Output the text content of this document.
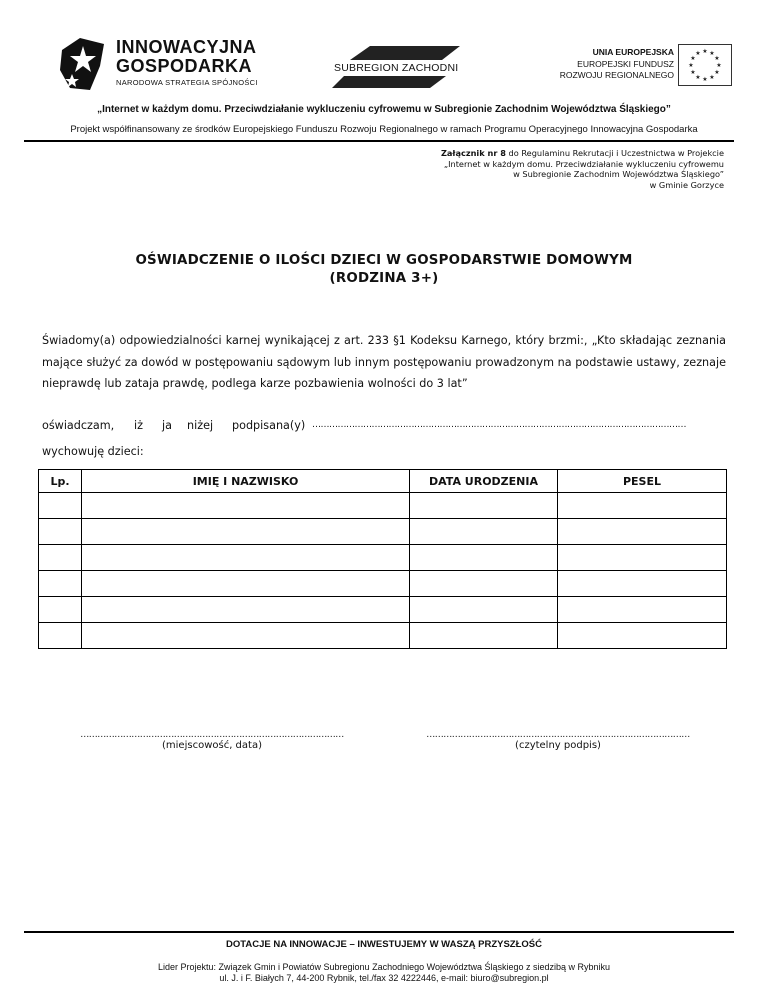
INNOWACYJNA
GOSPODARKA
NARODOWA STRATEGIA SPÓJNOŚCI
SUBREGION ZACHODNI
UNIA EUROPEJSKA
EUROPEJSKI FUNDUSZ
ROZWOJU REGIONALNEGO
★ ★
★
★
★
★
★
★
★
★
★
★
„Internet w każdym domu. Przeciwdziałanie wykluczeniu cyfrowemu w Subregionie Zachodnim Województwa Śląskiego”
Projekt współfinansowany ze środków Europejskiego Funduszu Rozwoju Regionalnego w ramach Programu Operacyjnego Innowacyjna Gospodarka
Załącznik nr 8 do Regulaminu Rekrutacji i Uczestnictwa w Projekcie
„Internet w każdym domu. Przeciwdziałanie wykluczeniu cyfrowemu
w Subregionie Zachodnim Województwa Śląskiego”
w Gminie Gorzyce
OŚWIADCZENIE O ILOŚCI DZIECI W GOSPODARSTWIE DOMOWYM
(RODZINA 3+)
Świadomy(a) odpowiedzialności karnej wynikającej z art. 233 §1 Kodeksu Karnego, który brzmi:, „Kto składając zeznania mające służyć za dowód w postępowaniu sądowym lub innym postępowaniu prowadzonym na podstawie ustawy, zeznaje nieprawdę lub zataja prawdę, podlega karze pozbawienia wolności do 3 lat”
oświadczam, iż ja niżej podpisana(y) ……………………………………………………………………………………………………………………
wychowuję dzieci:
Lp.	IMIĘ I NAZWISKO	DATA URODZENIA	PESEL

…………………………………………………………………………………
(miejscowość, data)
…………………………………………………………………………………
(czytelny podpis)
DOTACJE NA INNOWACJE – INWESTUJEMY W WASZĄ PRZYSZŁOŚĆ
Lider Projektu: Związek Gmin i Powiatów Subregionu Zachodniego Województwa Śląskiego z siedzibą w Rybniku
ul. J. i F. Białych 7, 44-200 Rybnik, tel./fax 32 4222446, e-mail: biuro@subregion.pl
